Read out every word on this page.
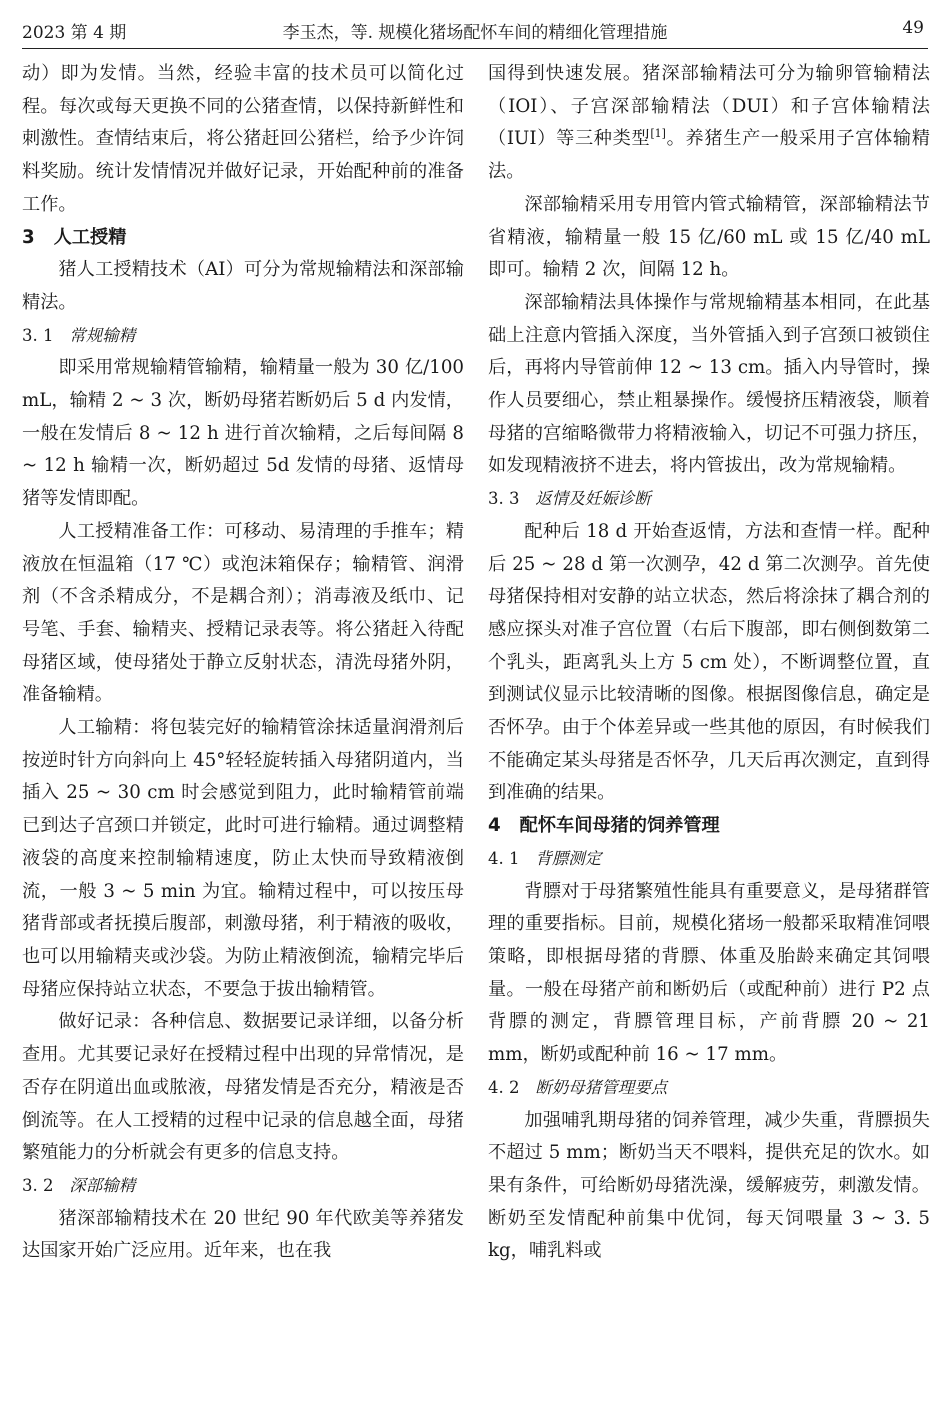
2023 第 4 期	李玉杰，等. 规模化猪场配怀车间的精细化管理措施	49

动）即为发情。当然，经验丰富的技术员可以简化过程。每次或每天更换不同的公猪查情，以保持新鲜性和刺激性。查情结束后，将公猪赶回公猪栏，给予少许饲料奖励。统计发情情况并做好记录，开始配种前的准备工作。

3 人工授精

猪人工授精技术（AI）可分为常规输精法和深部输精法。

3. 1 常规输精

即采用常规输精管输精，输精量一般为 30 亿/100 mL，输精 2 ~ 3 次，断奶母猪若断奶后 5 d 内发情，一般在发情后 8 ~ 12 h 进行首次输精，之后每间隔 8 ~ 12 h 输精一次，断奶超过 5d 发情的母猪、返情母猪等发情即配。

人工授精准备工作：可移动、易清理的手推车；精液放在恒温箱（17 ℃）或泡沫箱保存；输精管、润滑剂（不含杀精成分，不是耦合剂）；消毒液及纸巾、记号笔、手套、输精夹、授精记录表等。将公猪赶入待配母猪区域，使母猪处于静立反射状态，清洗母猪外阴，准备输精。

人工输精：将包装完好的输精管涂抹适量润滑剂后按逆时针方向斜向上 45°轻轻旋转插入母猪阴道内，当插入 25 ~ 30 cm 时会感觉到阻力，此时输精管前端已到达子宫颈口并锁定，此时可进行输精。通过调整精液袋的高度来控制输精速度，防止太快而导致精液倒流，一般 3 ~ 5 min 为宜。输精过程中，可以按压母猪背部或者抚摸后腹部，刺激母猪，利于精液的吸收，也可以用输精夹或沙袋。为防止精液倒流，输精完毕后母猪应保持站立状态，不要急于拔出输精管。

做好记录：各种信息、数据要记录详细，以备分析查用。尤其要记录好在授精过程中出现的异常情况，是否存在阴道出血或脓液，母猪发情是否充分，精液是否倒流等。在人工授精的过程中记录的信息越全面，母猪繁殖能力的分析就会有更多的信息支持。

3. 2 深部输精

猪深部输精技术在 20 世纪 90 年代欧美等养猪发达国家开始广泛应用。近年来，也在我

国得到快速发展。猪深部输精法可分为输卵管输精法（IOI）、子宫深部输精法（DUI）和子宫体输精法（IUI）等三种类型[1]。养猪生产一般采用子宫体输精法。

深部输精采用专用管内管式输精管，深部输精法节省精液，输精量一般 15 亿/60 mL 或 15 亿/40 mL 即可。输精 2 次，间隔 12 h。

深部输精法具体操作与常规输精基本相同，在此基础上注意内管插入深度，当外管插入到子宫颈口被锁住后，再将内导管前伸 12 ~ 13 cm。插入内导管时，操作人员要细心，禁止粗暴操作。缓慢挤压精液袋，顺着母猪的宫缩略微带力将精液输入，切记不可强力挤压，如发现精液挤不进去，将内管拔出，改为常规输精。

3. 3 返情及妊娠诊断

配种后 18 d 开始查返情，方法和查情一样。配种后 25 ~ 28 d 第一次测孕，42 d 第二次测孕。首先使母猪保持相对安静的站立状态，然后将涂抹了耦合剂的感应探头对准子宫位置（右后下腹部，即右侧倒数第二个乳头，距离乳头上方 5 cm 处），不断调整位置，直到测试仪显示比较清晰的图像。根据图像信息，确定是否怀孕。由于个体差异或一些其他的原因，有时候我们不能确定某头母猪是否怀孕，几天后再次测定，直到得到准确的结果。

4 配怀车间母猪的饲养管理
4. 1 背膘测定

背膘对于母猪繁殖性能具有重要意义，是母猪群管理的重要指标。目前，规模化猪场一般都采取精准饲喂策略，即根据母猪的背膘、体重及胎龄来确定其饲喂量。一般在母猪产前和断奶后（或配种前）进行 P2 点背膘的测定，背膘管理目标，产前背膘 20 ~ 21 mm，断奶或配种前 16 ~ 17 mm。

4. 2 断奶母猪管理要点

加强哺乳期母猪的饲养管理，减少失重，背膘损失不超过 5 mm；断奶当天不喂料，提供充足的饮水。如果有条件，可给断奶母猪洗澡，缓解疲劳，刺激发情。断奶至发情配种前集中优饲，每天饲喂量 3 ~ 3. 5 kg，哺乳料或
